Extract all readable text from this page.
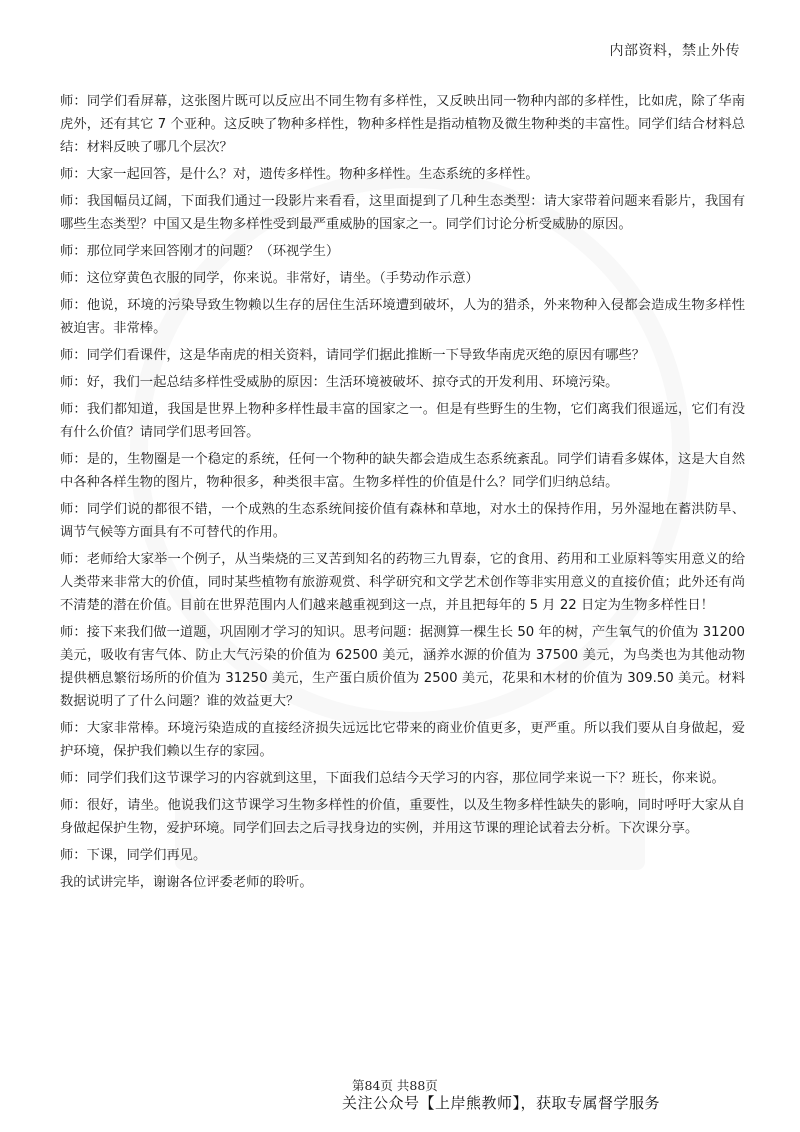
内部资料，禁止外传

师：同学们看屏幕，这张图片既可以反应出不同生物有多样性，又反映出同一物种内部的多样性，比如虎，除了华南虎外，还有其它 7 个亚种。这反映了物种多样性，物种多样性是指动植物及微生物种类的丰富性。同学们结合材料总结：材料反映了哪几个层次？

师：大家一起回答，是什么？对，遗传多样性。物种多样性。生态系统的多样性。

师：我国幅员辽阔，下面我们通过一段影片来看看，这里面提到了几种生态类型：请大家带着问题来看影片，我国有哪些生态类型？中国又是生物多样性受到最严重威胁的国家之一。同学们讨论分析受威胁的原因。

师：那位同学来回答刚才的问题？（环视学生）

师：这位穿黄色衣服的同学，你来说。非常好，请坐。（手势动作示意）

师：他说，环境的污染导致生物赖以生存的居住生活环境遭到破坏，人为的猎杀，外来物种入侵都会造成生物多样性被迫害。非常棒。

师：同学们看课件，这是华南虎的相关资料，请同学们据此推断一下导致华南虎灭绝的原因有哪些？

师：好，我们一起总结多样性受威胁的原因：生活环境被破坏、掠夺式的开发利用、环境污染。

师：我们都知道，我国是世界上物种多样性最丰富的国家之一。但是有些野生的生物，它们离我们很遥远，它们有没有什么价值？请同学们思考回答。

师：是的，生物圈是一个稳定的系统，任何一个物种的缺失都会造成生态系统紊乱。同学们请看多媒体，这是大自然中各种各样生物的图片，物种很多，种类很丰富。生物多样性的价值是什么？同学们归纳总结。

师：同学们说的都很不错，一个成熟的生态系统间接价值有森林和草地，对水土的保持作用，另外湿地在蓄洪防旱、调节气候等方面具有不可替代的作用。

师：老师给大家举一个例子，从当柴烧的三叉苦到知名的药物三九胃泰，它的食用、药用和工业原料等实用意义的给人类带来非常大的价值，同时某些植物有旅游观赏、科学研究和文学艺术创作等非实用意义的直接价值；此外还有尚不清楚的潜在价值。目前在世界范围内人们越来越重视到这一点，并且把每年的 5 月 22 日定为生物多样性日！

师：接下来我们做一道题，巩固刚才学习的知识。思考问题：据测算一棵生长 50 年的树，产生氧气的价值为 31200 美元，吸收有害气体、防止大气污染的价值为 62500 美元，涵养水源的价值为 37500 美元，为鸟类也为其他动物提供栖息繁衍场所的价值为 31250 美元，生产蛋白质价值为 2500 美元，花果和木材的价值为 309.50 美元。材料数据说明了了什么问题？谁的效益更大？

师：大家非常棒。环境污染造成的直接经济损失远远比它带来的商业价值更多，更严重。所以我们要从自身做起，爱护环境，保护我们赖以生存的家园。

师：同学们我们这节课学习的内容就到这里，下面我们总结今天学习的内容，那位同学来说一下？班长，你来说。

师：很好，请坐。他说我们这节课学习生物多样性的价值，重要性，以及生物多样性缺失的影响，同时呼吁大家从自身做起保护生物，爱护环境。同学们回去之后寻找身边的实例，并用这节课的理论试着去分析。下次课分享。

师：下课，同学们再见。

我的试讲完毕，谢谢各位评委老师的聆听。

第84页 共88页
关注公众号【上岸熊教师】，获取专属督学服务
